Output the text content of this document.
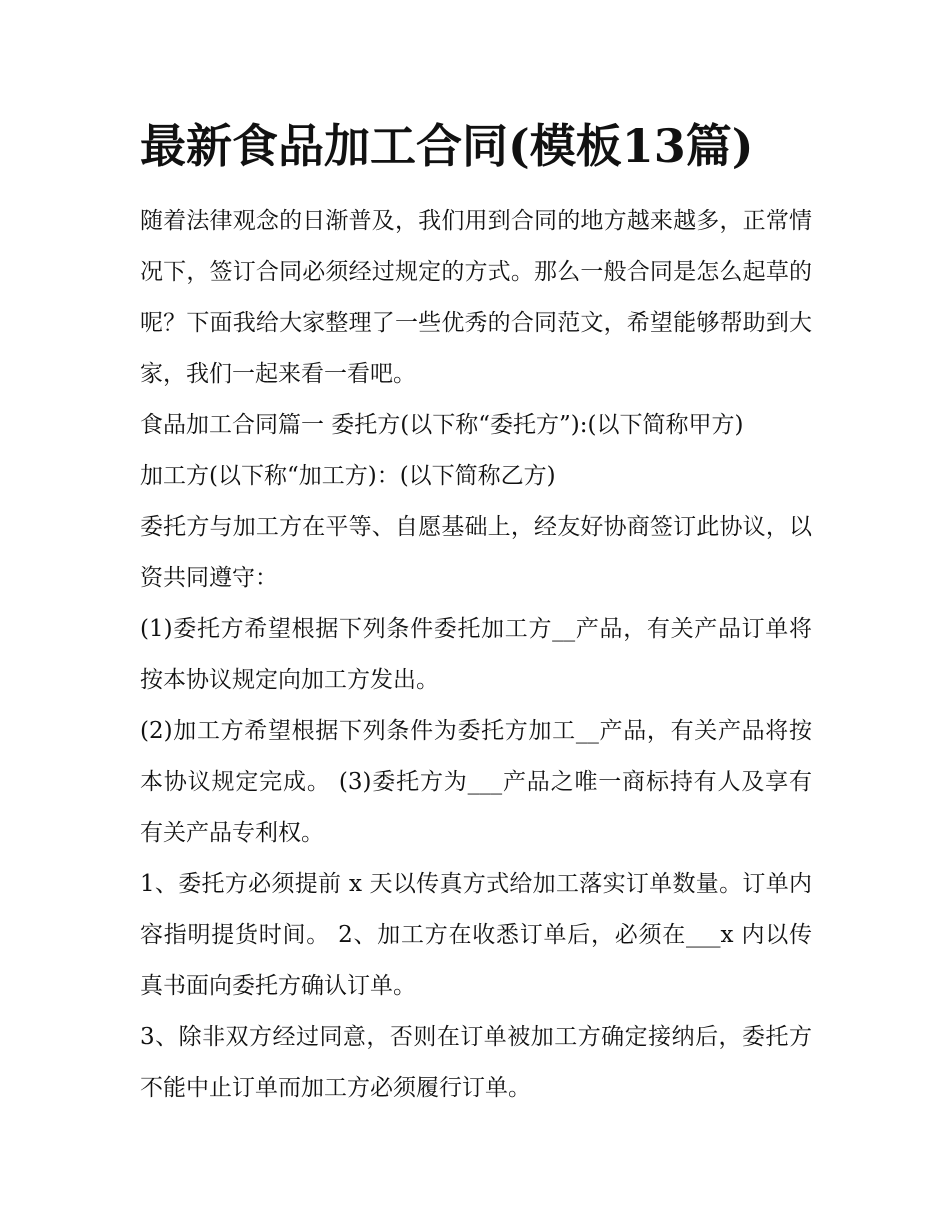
最新食品加工合同(模板13篇)

随着法律观念的日渐普及，我们用到合同的地方越来越多，正常情况下，签订合同必须经过规定的方式。那么一般合同是怎么起草的呢？下面我给大家整理了一些优秀的合同范文，希望能够帮助到大家，我们一起来看一看吧。

食品加工合同篇一 委托方(以下称“委托方”):(以下简称甲方)

加工方(以下称“加工方)：(以下简称乙方)

委托方与加工方在平等、自愿基础上，经友好协商签订此协议，以资共同遵守：

(1)委托方希望根据下列条件委托加工方__产品，有关产品订单将按本协议规定向加工方发出。

(2)加工方希望根据下列条件为委托方加工__产品，有关产品将按本协议规定完成。 (3)委托方为___产品之唯一商标持有人及享有有关产品专利权。

1、委托方必须提前 x 天以传真方式给加工落实订单数量。订单内容指明提货时间。 2、加工方在收悉订单后，必须在___x 内以传真书面向委托方确认订单。

3、除非双方经过同意，否则在订单被加工方确定接纳后，委托方不能中止订单而加工方必须履行订单。
